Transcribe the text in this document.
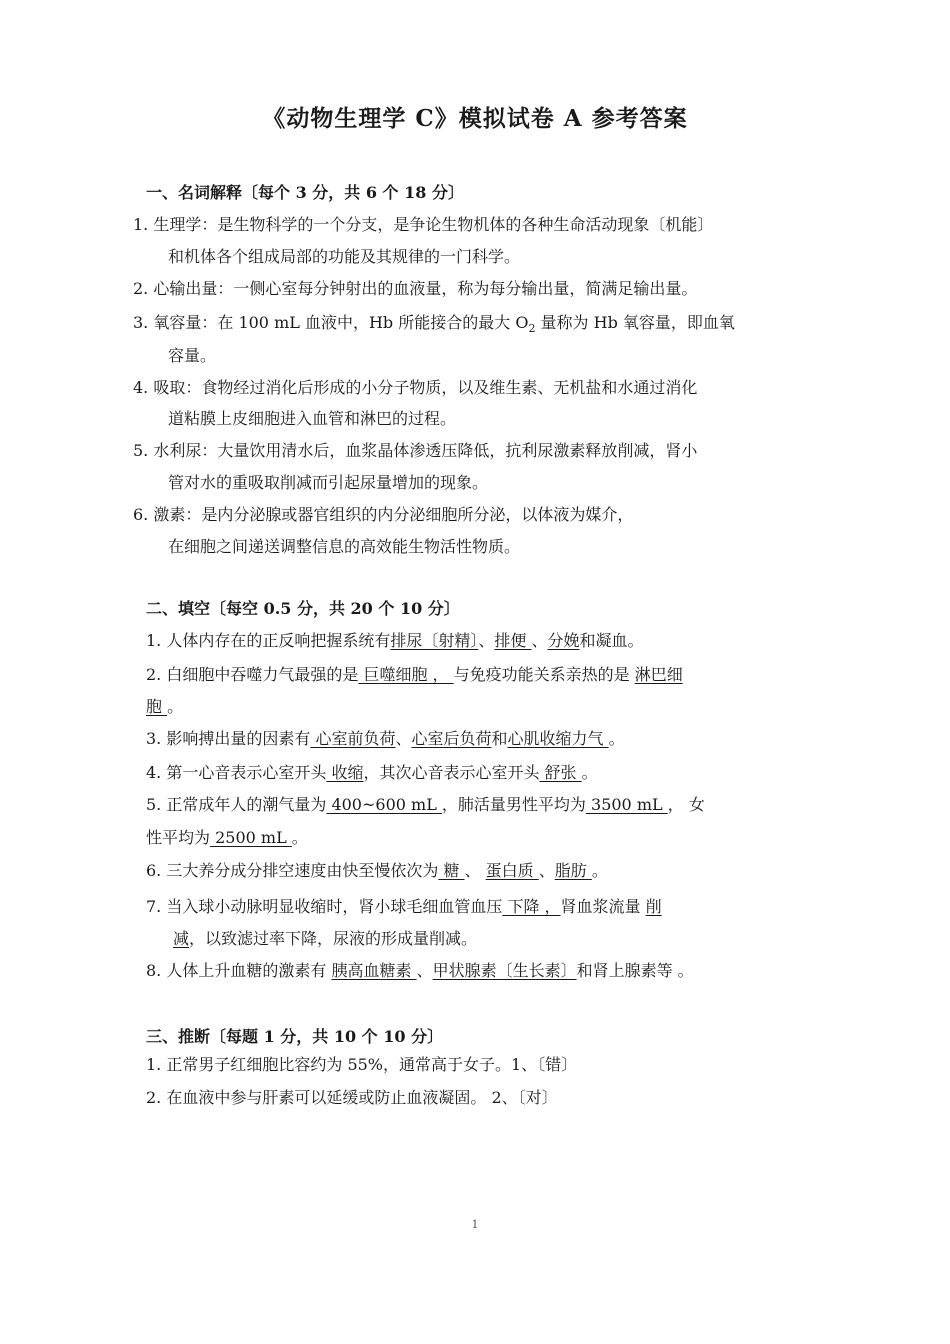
《动物生理学 C》模拟试卷 A 参考答案
一、名词解释〔每个 3 分，共 6 个 18 分〕
1. 生理学：是生物科学的一个分支，是争论生物机体的各种生命活动现象〔机能〕
和机体各个组成局部的功能及其规律的一门科学。
2. 心输出量：一侧心室每分钟射出的血液量，称为每分输出量，简满足输出量。
3. 氧容量：在 100 mL 血液中，Hb 所能接合的最大 $O_2$ 量称为 Hb 氧容量，即血氧
容量。
4. 吸取：食物经过消化后形成的小分子物质，以及维生素、无机盐和水通过消化
道粘膜上皮细胞进入血管和淋巴的过程。
5. 水利尿：大量饮用清水后，血浆晶体渗透压降低，抗利尿激素释放削减，肾小
管对水的重吸取削减而引起尿量增加的现象。
6. 激素：是内分泌腺或器官组织的内分泌细胞所分泌，以体液为媒介，
在细胞之间递送调整信息的高效能生物活性物质。
二、填空〔每空 0.5 分，共 20 个 10 分〕
1. 人体内存在的正反响把握系统有排尿〔射精〕、排便 、分娩和凝血。
2. 白细胞中吞噬力气最强的是 巨噬细胞 ， 与免疫功能关系亲热的是 淋巴细
胞 。
3. 影响搏出量的因素有 心室前负荷、心室后负荷和心肌收缩力气 。
4. 第一心音表示心室开头 收缩，其次心音表示心室开头 舒张 。
5. 正常成年人的潮气量为 400~600 mL ，肺活量男性平均为 3500 mL ， 女
性平均为 2500 mL 。
6. 三大养分成分排空速度由快至慢依次为 糖 、 蛋白质 、脂肪 。
7. 当入球小动脉明显收缩时，肾小球毛细血管血压 下降 ，肾血浆流量 削
减，以致滤过率下降，尿液的形成量削减。
8. 人体上升血糖的激素有 胰高血糖素 、甲状腺素〔生长素〕和肾上腺素等 。
三、推断〔每题 1 分，共 10 个 10 分〕
1. 正常男子红细胞比容约为 55%，通常高于女子。1、〔错〕
2. 在血液中参与肝素可以延缓或防止血液凝固。 2、〔对〕
1
